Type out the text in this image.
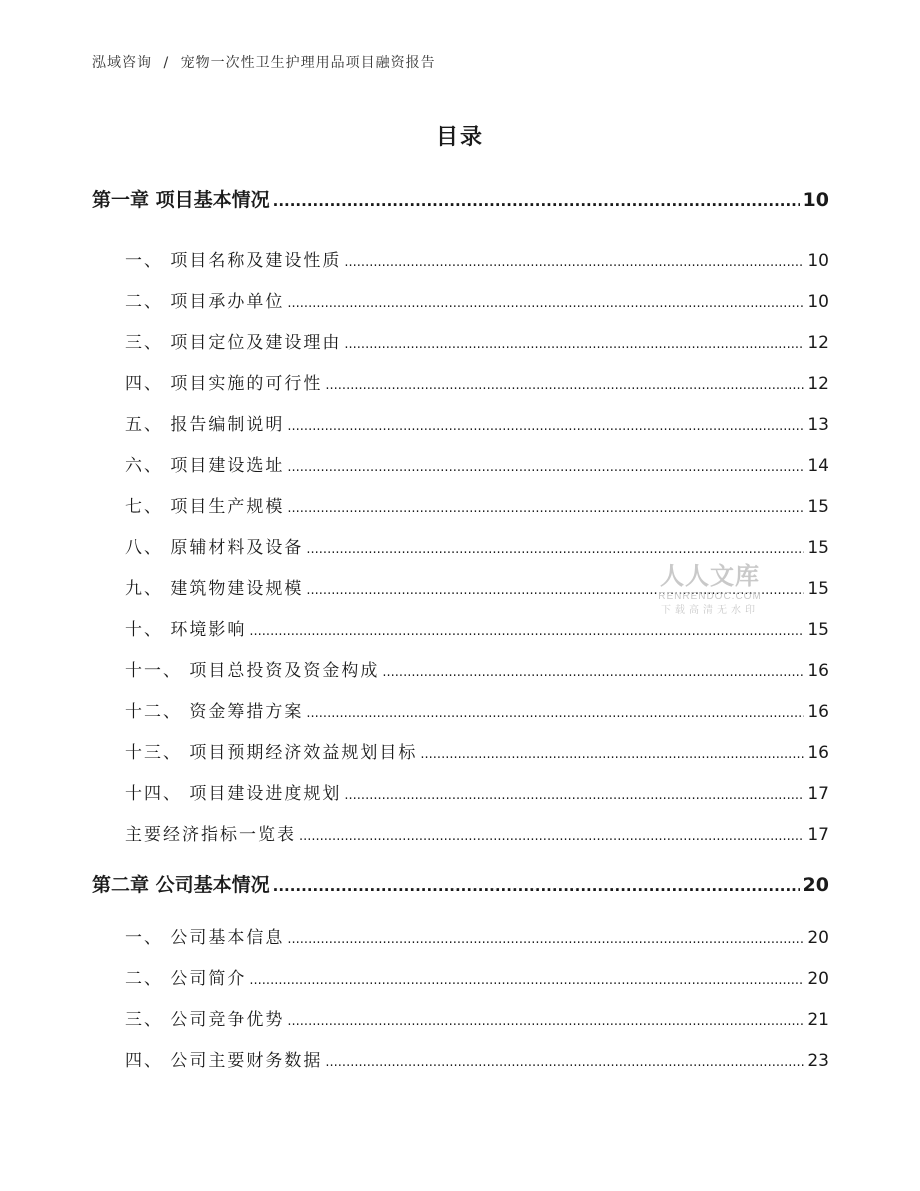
泓域咨询 / 宠物一次性卫生护理用品项目融资报告
目录
第一章 项目基本情况 .....	10
一、 项目名称及建设性质 .....	10
二、 项目承办单位 .....	10
三、 项目定位及建设理由 .....	12
四、 项目实施的可行性 .....	12
五、 报告编制说明 .....	13
六、 项目建设选址 .....	14
七、 项目生产规模 .....	15
八、 原辅材料及设备 .....	15
九、 建筑物建设规模 .....	15
十、 环境影响 .....	15
十一、 项目总投资及资金构成 .....	16
十二、 资金筹措方案 .....	16
十三、 项目预期经济效益规划目标 .....	16
十四、 项目建设进度规划 .....	17
主要经济指标一览表 .....	17
第二章 公司基本情况 .....	20
一、 公司基本信息 .....	20
二、 公司简介 .....	20
三、 公司竞争优势 .....	21
四、 公司主要财务数据 .....	23
人人文库
RENRENDOC.COM
下载高清无水印
